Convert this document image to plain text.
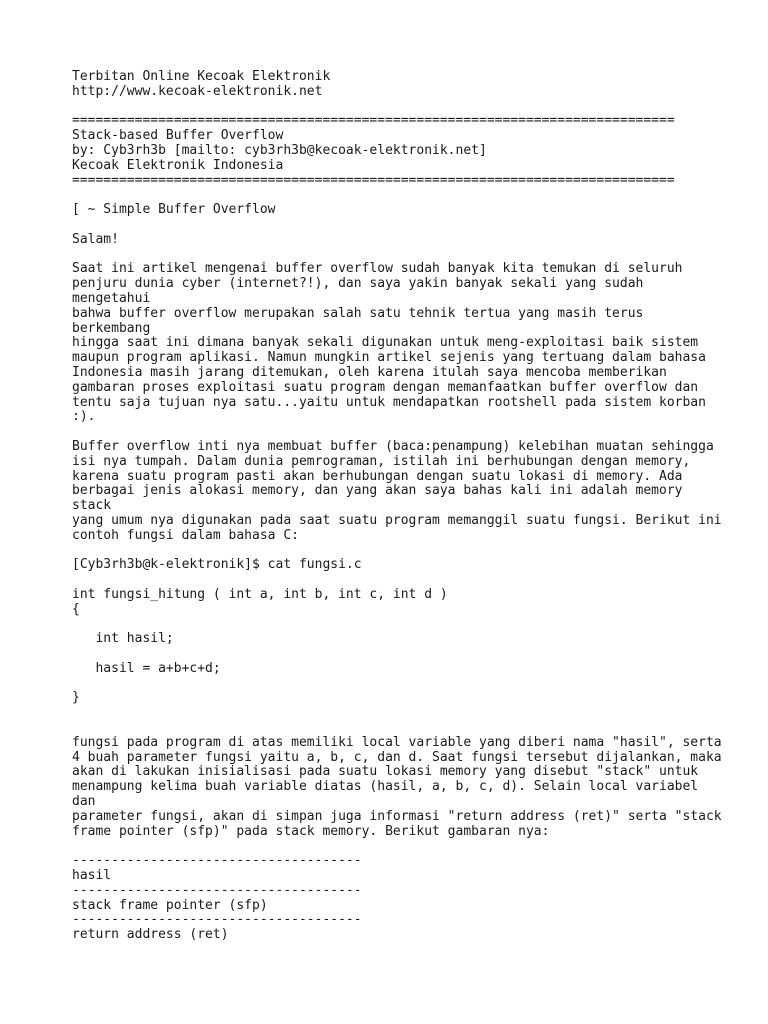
Terbitan Online Kecoak Elektronik
http://www.kecoak-elektronik.net
=============================================================================
Stack-based Buffer Overflow
by: Cyb3rh3b [mailto: cyb3rh3b@kecoak-elektronik.net]
Kecoak Elektronik Indonesia
=============================================================================
[ ~ Simple Buffer Overflow
Salam!
Saat ini artikel mengenai buffer overflow sudah banyak kita temukan di seluruh
penjuru dunia cyber (internet?!), dan saya yakin banyak sekali yang sudah
mengetahui
bahwa buffer overflow merupakan salah satu tehnik tertua yang masih terus
berkembang
hingga saat ini dimana banyak sekali digunakan untuk meng-exploitasi baik sistem
maupun program aplikasi. Namun mungkin artikel sejenis yang tertuang dalam bahasa
Indonesia masih jarang ditemukan, oleh karena itulah saya mencoba memberikan
gambaran proses exploitasi suatu program dengan memanfaatkan buffer overflow dan
tentu saja tujuan nya satu...yaitu untuk mendapatkan rootshell pada sistem korban
:).
Buffer overflow inti nya membuat buffer (baca:penampung) kelebihan muatan sehingga
isi nya tumpah. Dalam dunia pemrograman, istilah ini berhubungan dengan memory,
karena suatu program pasti akan berhubungan dengan suatu lokasi di memory. Ada
berbagai jenis alokasi memory, dan yang akan saya bahas kali ini adalah memory
stack
yang umum nya digunakan pada saat suatu program memanggil suatu fungsi. Berikut ini
contoh fungsi dalam bahasa C:
[Cyb3rh3b@k-elektronik]$ cat fungsi.c
int fungsi_hitung ( int a, int b, int c, int d )
{
int hasil;
hasil = a+b+c+d;
}
fungsi pada program di atas memiliki local variable yang diberi nama "hasil", serta
4 buah parameter fungsi yaitu a, b, c, dan d. Saat fungsi tersebut dijalankan, maka
akan di lakukan inisialisasi pada suatu lokasi memory yang disebut "stack" untuk
menampung kelima buah variable diatas (hasil, a, b, c, d). Selain local variabel
dan
parameter fungsi, akan di simpan juga informasi "return address (ret)" serta "stack
frame pointer (sfp)" pada stack memory. Berikut gambaran nya:
-------------------------------------
hasil
-------------------------------------
stack frame pointer (sfp)
-------------------------------------
return address (ret)
